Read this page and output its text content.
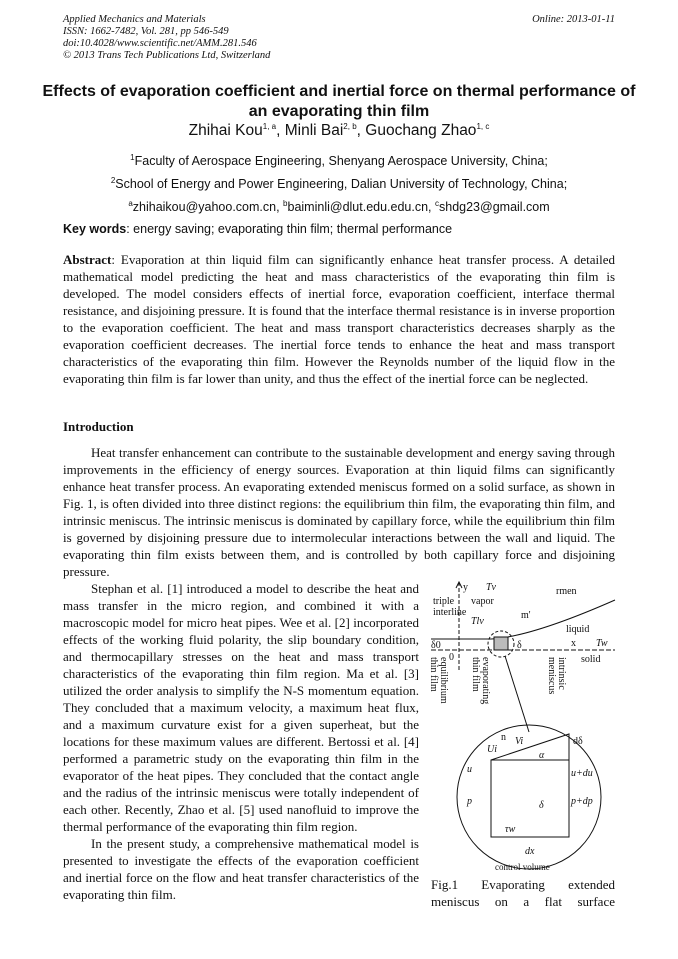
Applied Mechanics and Materials
ISSN: 1662-7482, Vol. 281, pp 546-549
doi:10.4028/www.scientific.net/AMM.281.546
© 2013 Trans Tech Publications Ltd, Switzerland
Online: 2013-01-11
Effects of evaporation coefficient and inertial force on thermal performance of an evaporating thin film
Zhihai Kou$^{1, a}$, Minli Bai$^{2, b}$, Guochang Zhao$^{1, c}$
$^1$Faculty of Aerospace Engineering, Shenyang Aerospace University, China;
$^2$School of Energy and Power Engineering, Dalian University of Technology, China;
$^a$zhihaikou@yahoo.com.cn, $^b$baiminli@dlut.edu.edu.cn, $^c$shdg23@gmail.com
Key words: energy saving; evaporating thin film; thermal performance
Abstract: Evaporation at thin liquid film can significantly enhance heat transfer process. A detailed mathematical model predicting the heat and mass characteristics of the evaporating thin film is developed. The model considers effects of inertial force, evaporation coefficient, interface thermal resistance, and disjoining pressure. It is found that the interface thermal resistance is in inverse proportion to the evaporation coefficient. The heat and mass transport characteristics decreases sharply as the evaporation coefficient decreases. The inertial force tends to enhance the heat and mass transport characteristics of the evaporating thin film. However the Reynolds number of the liquid flow in the evaporating thin film is far lower than unity, and thus the effect of the inertial force can be neglected.
Introduction

Heat transfer enhancement can contribute to the sustainable development and energy saving through improvements in the efficiency of energy sources. Evaporation at thin liquid films can significantly enhance heat transfer process. An evaporating extended meniscus formed on a solid surface, as shown in Fig. 1, is often divided into three distinct regions: the equilibrium thin film, the evaporating thin film, and intrinsic meniscus. The intrinsic meniscus is dominated by capillary force, while the equilibrium thin film is governed by disjoining pressure due to intermolecular interactions between the wall and liquid. The evaporating thin film exists between them, and is controlled by both capillary force and disjoining pressure.

y Tv
vapor
rmen
triple
interline
Tlv
m'
liquid
δ0	δ	x Tw
0	solid
equilibrium
thin film	evaporating
thin film	intrinsic
meniscus
n Vi
Ui
dδ
α
u	u+du
p	p+dp
δ
τw
dx
control volume
Fig.1 Evaporating extended meniscus on a flat surface

Stephan et al. [1] introduced a model to describe the heat and mass transfer in the micro region, and combined it with a macroscopic model for micro heat pipes. Wee et al. [2] incorporated effects of the working fluid polarity, the slip boundary condition, and thermocapillary stresses on the heat and mass transport characteristics of the evaporating thin film region. Ma et al. [3] utilized the order analysis to simplify the N-S momentum equation. They concluded that a maximum velocity, a maximum heat flux, and a maximum curvature exist for a given superheat, but the locations for these maximum values are different. Bertossi et al. [4] performed a parametric study on the evaporating thin film in the evaporator of the heat pipes. They concluded that the contact angle and the radius of the intrinsic meniscus were totally independent of each other. Recently, Zhao et al. [5] used nanofluid to improve the thermal performance of the evaporating thin film region.

In the present study, a comprehensive mathematical model is presented to investigate the effects of the evaporation coefficient and inertial force on the flow and heat transfer characteristics of the evaporating thin film.
